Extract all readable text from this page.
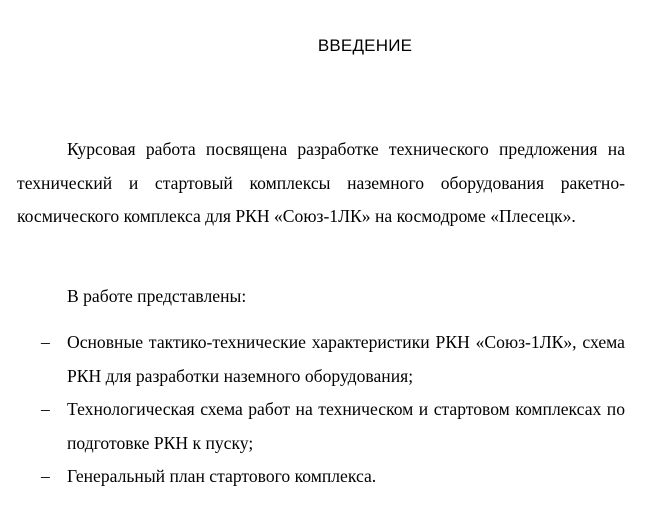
ВВЕДЕНИЕ
Курсовая работа посвящена разработке технического предложения на технический и стартовый комплексы наземного оборудования ракетно-космического комплекса для РКН «Союз-1ЛК» на космодроме «Плесецк».
В работе представлены:
– Основные тактико-технические характеристики РКН «Союз-1ЛК», схема РКН для разработки наземного оборудования;
– Технологическая схема работ на техническом и стартовом комплексах по подготовке РКН к пуску;
– Генеральный план стартового комплекса.
